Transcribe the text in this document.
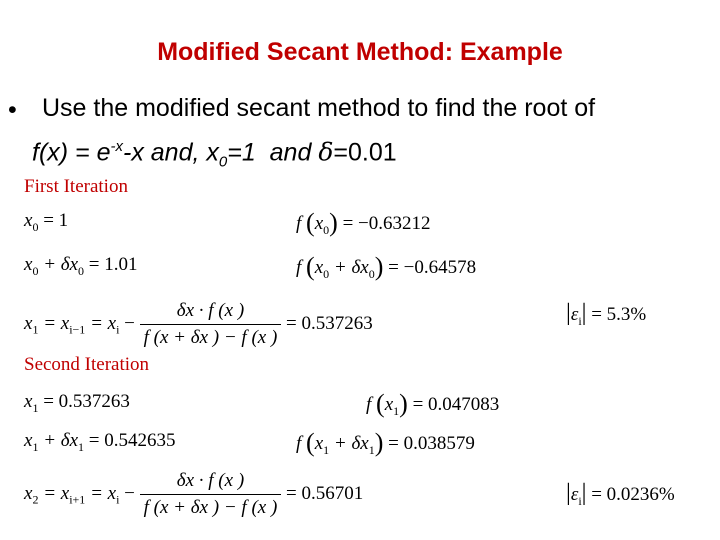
Modified Secant Method: Example
• Use the modified secant method to find the root of
$f(x) = e^{-x}-x$ and, $x_0=1$ and δ=0.01
First Iteration
$x_0 = 1$	f $(x_0) = -0.63212$
$x_0 + \delta x_0 = 1.01$	f $(x_0 + \delta x_0) = -0.64578$
$x_1 = x_{i-1} = x_i - \frac{\delta x \cdot f (x )}{f (x + \delta x ) - f (x )} = 0.537263$	$|\varepsilon_i| = 5.3\%$
Second Iteration
$x_1 = 0.537263$	f $(x_1) = 0.047083$
$x_1 + \delta x_1 = 0.542635$	f $(x_1 + \delta x_1) = 0.038579$
$x_2 = x_{i+1} = x_i - \frac{\delta x \cdot f (x )}{f (x + \delta x ) - f (x )} = 0.56701$	$|\varepsilon_i| = 0.0236\%$
